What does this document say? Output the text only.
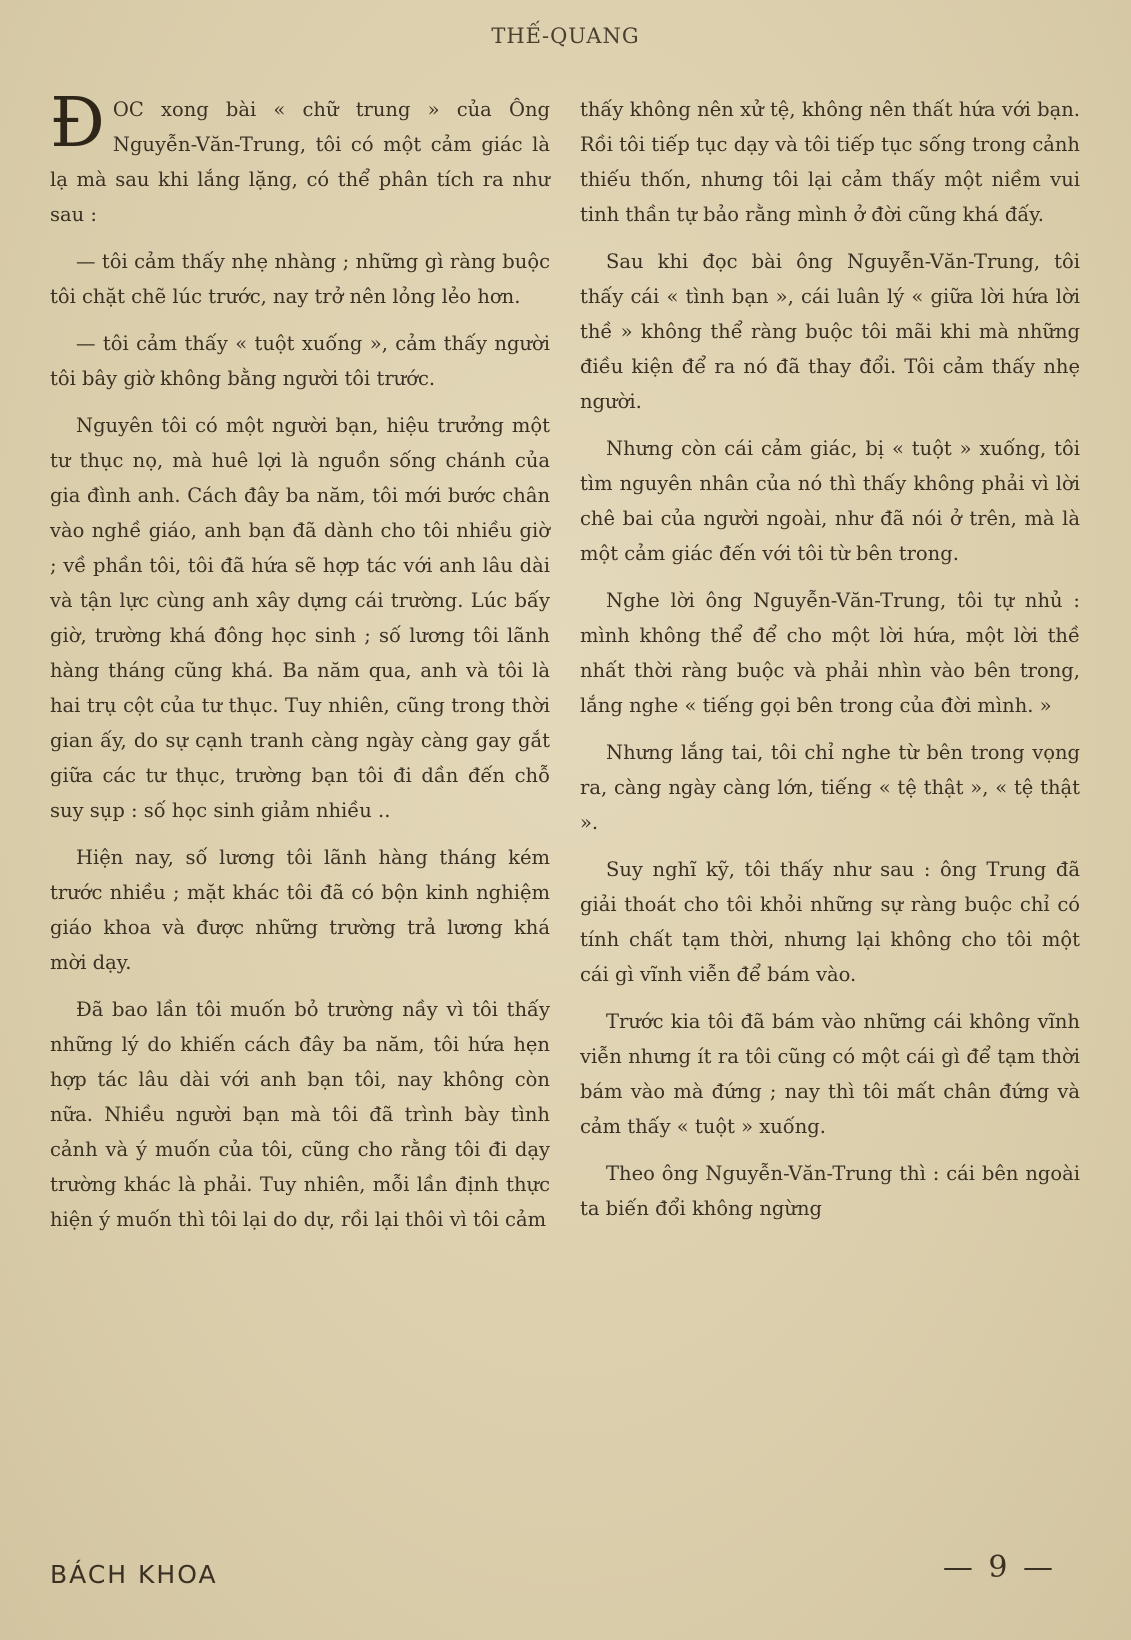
THẾ-QUANG

ĐOC xong bài « chữ trung » của Ông Nguyễn-Văn-Trung, tôi có một cảm giác là lạ mà sau khi lắng lặng, có thể phân tích ra như sau :

— tôi cảm thấy nhẹ nhàng ; những gì ràng buộc tôi chặt chẽ lúc trước, nay trở nên lỏng lẻo hơn.

— tôi cảm thấy « tuột xuống », cảm thấy người tôi bây giờ không bằng người tôi trước.

Nguyên tôi có một người bạn, hiệu trưởng một tư thục nọ, mà huê lợi là nguồn sống chánh của gia đình anh. Cách đây ba năm, tôi mới bước chân vào nghề giáo, anh bạn đã dành cho tôi nhiều giờ ; về phần tôi, tôi đã hứa sẽ hợp tác với anh lâu dài và tận lực cùng anh xây dựng cái trường. Lúc bấy giờ, trường khá đông học sinh ; số lương tôi lãnh hàng tháng cũng khá. Ba năm qua, anh và tôi là hai trụ cột của tư thục. Tuy nhiên, cũng trong thời gian ấy, do sự cạnh tranh càng ngày càng gay gắt giữa các tư thục, trường bạn tôi đi dần đến chỗ suy sụp : số học sinh giảm nhiều ..

Hiện nay, số lương tôi lãnh hàng tháng kém trước nhiều ; mặt khác tôi đã có bộn kinh nghiệm giáo khoa và được những trường trả lương khá mời dạy.

Đã bao lần tôi muốn bỏ trường nầy vì tôi thấy những lý do khiến cách đây ba năm, tôi hứa hẹn hợp tác lâu dài với anh bạn tôi, nay không còn nữa. Nhiều người bạn mà tôi đã trình bày tình cảnh và ý muốn của tôi, cũng cho rằng tôi đi dạy trường khác là phải. Tuy nhiên, mỗi lần định thực hiện ý muốn thì tôi lại do dự, rồi lại thôi vì tôi cảm

thấy không nên xử tệ, không nên thất hứa với bạn. Rồi tôi tiếp tục dạy và tôi tiếp tục sống trong cảnh thiếu thốn, nhưng tôi lại cảm thấy một niềm vui tinh thần tự bảo rằng mình ở đời cũng khá đấy.

Sau khi đọc bài ông Nguyễn-Văn-Trung, tôi thấy cái « tình bạn », cái luân lý « giữa lời hứa lời thề » không thể ràng buộc tôi mãi khi mà những điều kiện để ra nó đã thay đổi. Tôi cảm thấy nhẹ người.

Nhưng còn cái cảm giác, bị « tuột » xuống, tôi tìm nguyên nhân của nó thì thấy không phải vì lời chê bai của người ngoài, như đã nói ở trên, mà là một cảm giác đến với tôi từ bên trong.

Nghe lời ông Nguyễn-Văn-Trung, tôi tự nhủ : mình không thể để cho một lời hứa, một lời thề nhất thời ràng buộc và phải nhìn vào bên trong, lắng nghe « tiếng gọi bên trong của đời mình. »

Nhưng lắng tai, tôi chỉ nghe từ bên trong vọng ra, càng ngày càng lớn, tiếng « tệ thật », « tệ thật ».

Suy nghĩ kỹ, tôi thấy như sau : ông Trung đã giải thoát cho tôi khỏi những sự ràng buộc chỉ có tính chất tạm thời, nhưng lại không cho tôi một cái gì vĩnh viễn để bám vào.

Trước kia tôi đã bám vào những cái không vĩnh viễn nhưng ít ra tôi cũng có một cái gì để tạm thời bám vào mà đứng ; nay thì tôi mất chân đứng và cảm thấy « tuột » xuống.

Theo ông Nguyễn-Văn-Trung thì : cái bên ngoài ta biến đổi không ngừng

BÁCH KHOA	— 9 —
